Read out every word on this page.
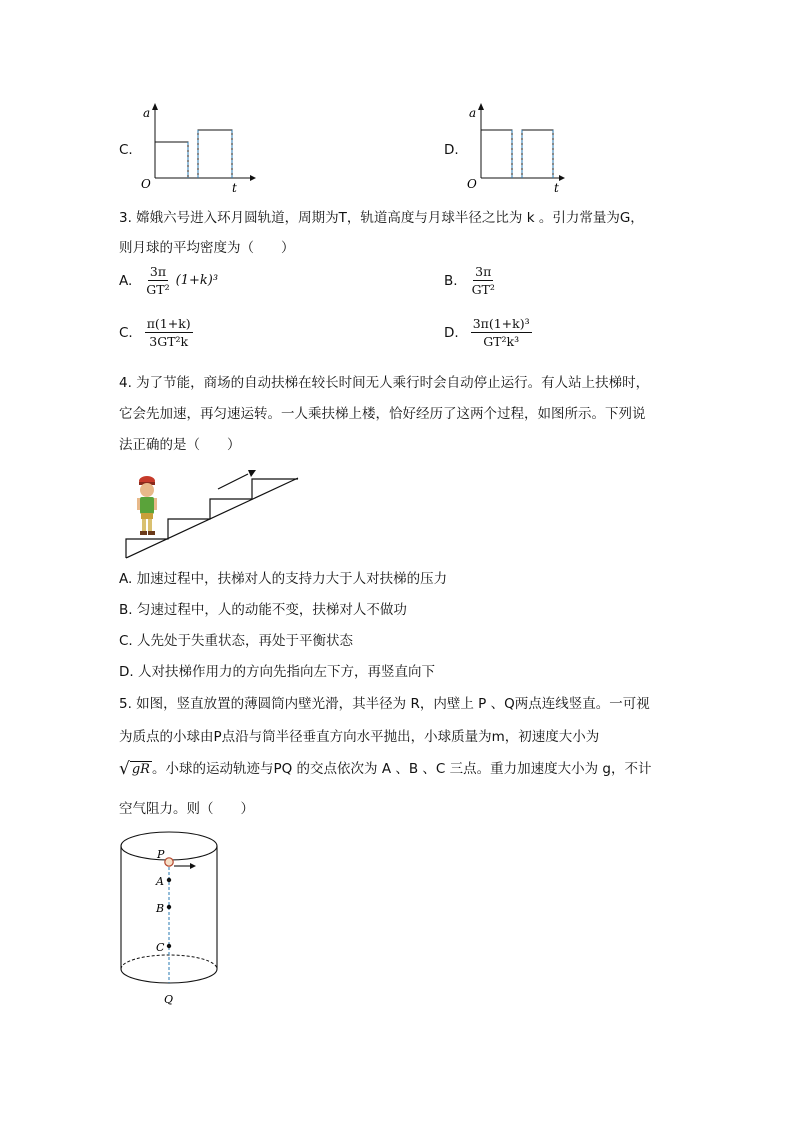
C.
a
t
O
D.
a
t
O
3. 嫦娥六号进入环月圆轨道，周期为T，轨道高度与月球半径之比为 k 。引力常量为G，
则月球的平均密度为（　　）
A. $\frac{3\pi}{\text{GT²}} (1+k)^3$	B. $\frac{3\pi}{\text{GT²}}$
C. $\frac{\pi(1+k)}{\text{3GT²k}}$	D. $\frac{\text{3π(1+k)³}}{\text{GT²k³}}$
4. 为了节能，商场的自动扶梯在较长时间无人乘行时会自动停止运行。有人站上扶梯时，
它会先加速，再匀速运转。一人乘扶梯上楼，恰好经历了这两个过程，如图所示。下列说
法正确的是（　　）
A. 加速过程中，扶梯对人的支持力大于人对扶梯的压力
B. 匀速过程中，人的动能不变，扶梯对人不做功
C. 人先处于失重状态，再处于平衡状态
D. 人对扶梯作用力的方向先指向左下方，再竖直向下
5. 如图，竖直放置的薄圆筒内壁光滑，其半径为 R，内壁上 P 、Q两点连线竖直。一可视
为质点的小球由P点沿与筒半径垂直方向水平抛出，小球质量为m，初速度大小为
√ gR 。小球的运动轨迹与PQ 的交点依次为 A 、B 、C 三点。重力加速度大小为 g，不计
空气阻力。则（　　）
P
A
B
C
Q
